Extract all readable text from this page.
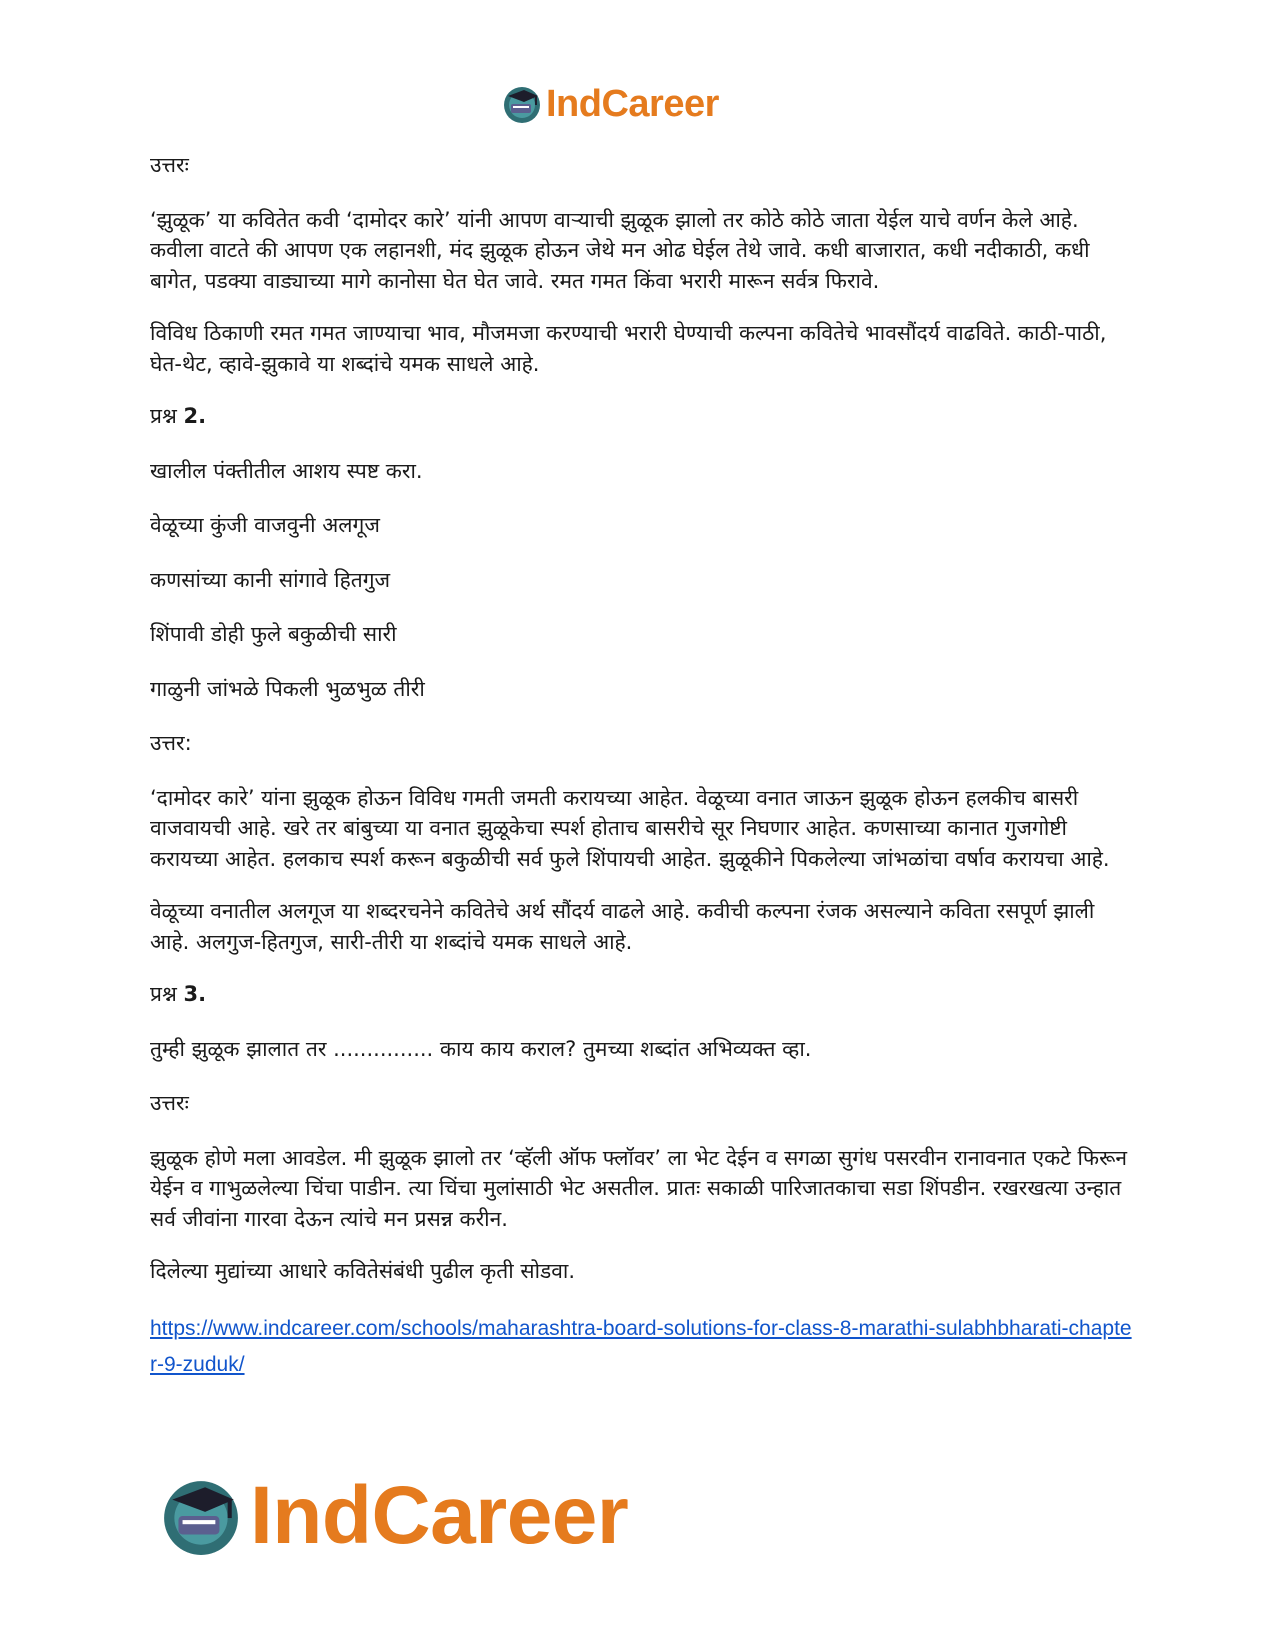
IndCareer

उत्तरः

‘झुळूक’ या कवितेत कवी ‘दामोदर कारे’ यांनी आपण वाऱ्याची झुळूक झालो तर कोठे कोठे जाता येईल याचे वर्णन केले आहे. कवीला वाटते की आपण एक लहानशी, मंद झुळूक होऊन जेथे मन ओढ घेईल तेथे जावे. कधी बाजारात, कधी नदीकाठी, कधी बागेत, पडक्या वाड्याच्या मागे कानोसा घेत घेत जावे. रमत गमत किंवा भरारी मारून सर्वत्र फिरावे.

विविध ठिकाणी रमत गमत जाण्याचा भाव, मौजमजा करण्याची भरारी घेण्याची कल्पना कवितेचे भावसौंदर्य वाढविते. काठी-पाठी, घेत-थेट, व्हावे-झुकावे या शब्दांचे यमक साधले आहे.

प्रश्न 2.

खालील पंक्तीतील आशय स्पष्ट करा.

वेळूच्या कुंजी वाजवुनी अलगूज

कणसांच्या कानी सांगावे हितगुज

शिंपावी डोही फुले बकुळीची सारी

गाळुनी जांभळे पिकली भुळभुळ तीरी

उत्तर:

‘दामोदर कारे’ यांना झुळूक होऊन विविध गमती जमती करायच्या आहेत. वेळूच्या वनात जाऊन झुळूक होऊन हलकीच बासरी वाजवायची आहे. खरे तर बांबुच्या या वनात झुळूकेचा स्पर्श होताच बासरीचे सूर निघणार आहेत. कणसाच्या कानात गुजगोष्टी करायच्या आहेत. हलकाच स्पर्श करून बकुळीची सर्व फुले शिंपायची आहेत. झुळूकीने पिकलेल्या जांभळांचा वर्षाव करायचा आहे.

वेळूच्या वनातील अलगूज या शब्दरचनेने कवितेचे अर्थ सौंदर्य वाढले आहे. कवीची कल्पना रंजक असल्याने कविता रसपूर्ण झाली आहे. अलगुज-हितगुज, सारी-तीरी या शब्दांचे यमक साधले आहे.

प्रश्न 3.

तुम्ही झुळूक झालात तर ............... काय काय कराल? तुमच्या शब्दांत अभिव्यक्त व्हा.

उत्तरः

झुळूक होणे मला आवडेल. मी झुळूक झालो तर ‘व्हॅली ऑफ फ्लॉवर’ ला भेट देईन व सगळा सुगंध पसरवीन रानावनात एकटे फिरून येईन व गाभुळलेल्या चिंचा पाडीन. त्या चिंचा मुलांसाठी भेट असतील. प्रातः सकाळी पारिजातकाचा सडा शिंपडीन. रखरखत्या उन्हात सर्व जीवांना गारवा देऊन त्यांचे मन प्रसन्न करीन.

दिलेल्या मुद्यांच्या आधारे कवितेसंबंधी पुढील कृती सोडवा.

https://www.indcareer.com/schools/maharashtra-board-solutions-for-class-8-marathi-sulabhbharati-chapter-9-zuduk/
IndCareer
